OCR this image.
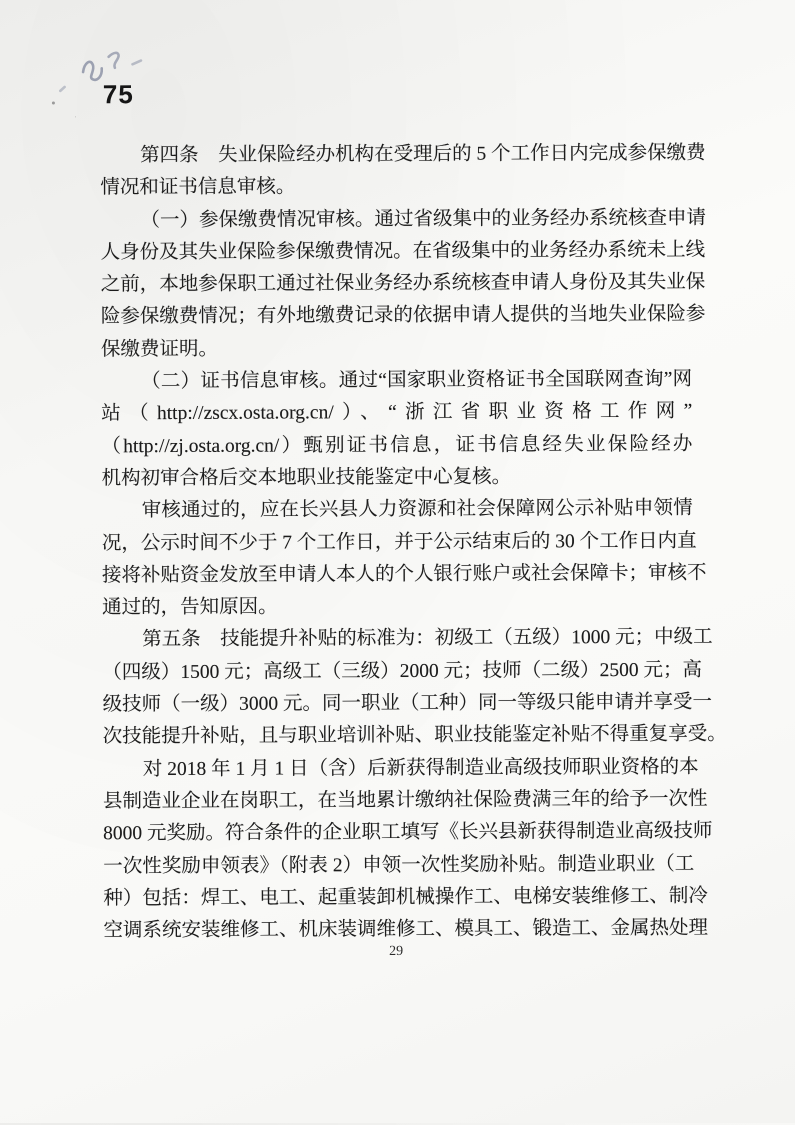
75
第四条　失业保险经办机构在受理后的 5 个工作日内完成参保缴费
情况和证书信息审核。
（一）参保缴费情况审核。通过省级集中的业务经办系统核查申请
人身份及其失业保险参保缴费情况。在省级集中的业务经办系统未上线
之前，本地参保职工通过社保业务经办系统核查申请人身份及其失业保
险参保缴费情况；有外地缴费记录的依据申请人提供的当地失业保险参
保缴费证明。
（二）证书信息审核。通过“国家职业资格证书全国联网查询”网
站（http://zscx.osta.org.cn/）、“浙江省职业资格工作网”
（http://zj.osta.org.cn/）甄别证书信息，证书信息经失业保险经办
机构初审合格后交本地职业技能鉴定中心复核。
审核通过的，应在长兴县人力资源和社会保障网公示补贴申领情
况，公示时间不少于 7 个工作日，并于公示结束后的 30 个工作日内直
接将补贴资金发放至申请人本人的个人银行账户或社会保障卡；审核不
通过的，告知原因。
第五条　技能提升补贴的标准为：初级工（五级）1000 元；中级工
（四级）1500 元；高级工（三级）2000 元；技师（二级）2500 元；高
级技师（一级）3000 元。同一职业（工种）同一等级只能申请并享受一
次技能提升补贴，且与职业培训补贴、职业技能鉴定补贴不得重复享受。
对 2018 年 1 月 1 日（含）后新获得制造业高级技师职业资格的本
县制造业企业在岗职工，在当地累计缴纳社保险费满三年的给予一次性
8000 元奖励。符合条件的企业职工填写《长兴县新获得制造业高级技师
一次性奖励申领表》（附表 2）申领一次性奖励补贴。制造业职业（工
种）包括：焊工、电工、起重装卸机械操作工、电梯安装维修工、制冷
空调系统安装维修工、机床装调维修工、模具工、锻造工、金属热处理
29
